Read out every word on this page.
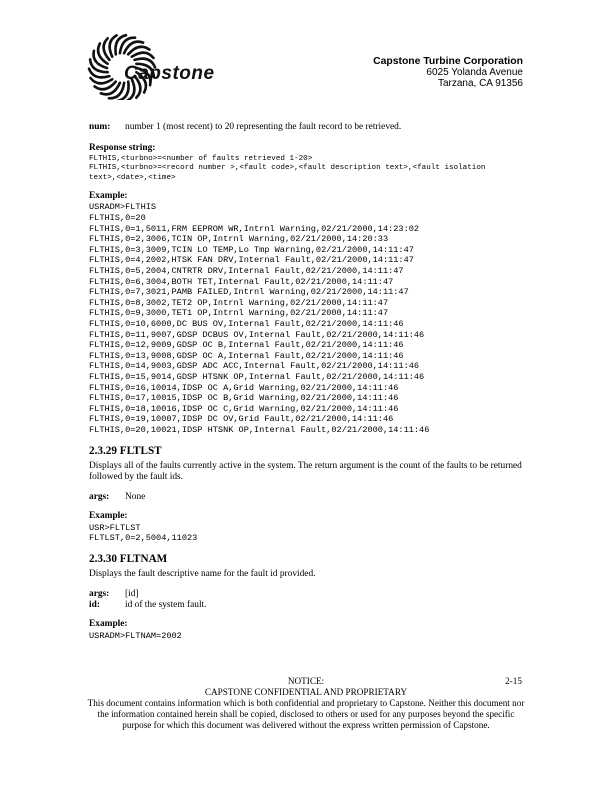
Capstone
Capstone Turbine Corporation
6025 Yolanda Avenue
Tarzana, CA 91356
num:	number 1 (most recent) to 20 representing the fault record to be retrieved.
Response string:
FLTHIS,<turbno>=<number of faults retrieved 1-20>
FLTHIS,<turbno>=<record number >,<fault code>,<fault description text>,<fault isolation
text>,<date>,<time>
Example:
USRADM>FLTHIS
FLTHIS,0=20
FLTHIS,0=1,5011,FRM EEPROM WR,Intrnl Warning,02/21/2000,14:23:02
FLTHIS,0=2,3006,TCIN OP,Intrnl Warning,02/21/2000,14:20:33
FLTHIS,0=3,3009,TCIN LO TEMP,Lo Tmp Warning,02/21/2000,14:11:47
FLTHIS,0=4,2002,HTSK FAN DRV,Internal Fault,02/21/2000,14:11:47
FLTHIS,0=5,2004,CNTRTR DRV,Internal Fault,02/21/2000,14:11:47
FLTHIS,0=6,3004,BOTH TET,Internal Fault,02/21/2000,14:11:47
FLTHIS,0=7,3021,PAMB FAILED,Intrnl Warning,02/21/2000,14:11:47
FLTHIS,0=8,3002,TET2 OP,Intrnl Warning,02/21/2000,14:11:47
FLTHIS,0=9,3000,TET1 OP,Intrnl Warning,02/21/2000,14:11:47
FLTHIS,0=10,6000,DC BUS OV,Internal Fault,02/21/2000,14:11:46
FLTHIS,0=11,9007,GDSP DCBUS OV,Internal Fault,02/21/2000,14:11:46
FLTHIS,0=12,9009,GDSP OC B,Internal Fault,02/21/2000,14:11:46
FLTHIS,0=13,9008,GDSP OC A,Internal Fault,02/21/2000,14:11:46
FLTHIS,0=14,9003,GDSP ADC ACC,Internal Fault,02/21/2000,14:11:46
FLTHIS,0=15,9014,GDSP HTSNK OP,Internal Fault,02/21/2000,14:11:46
FLTHIS,0=16,10014,IDSP OC A,Grid Warning,02/21/2000,14:11:46
FLTHIS,0=17,10015,IDSP OC B,Grid Warning,02/21/2000,14:11:46
FLTHIS,0=18,10016,IDSP OC C,Grid Warning,02/21/2000,14:11:46
FLTHIS,0=19,10007,IDSP DC OV,Grid Fault,02/21/2000,14:11:46
FLTHIS,0=20,10021,IDSP HTSNK OP,Internal Fault,02/21/2000,14:11:46
2.3.29 FLTLST

Displays all of the faults currently active in the system. The return argument is the count of the faults to be returned followed by the fault ids.

args:	None
Example:
USR>FLTLST
FLTLST,0=2,5004,11023
2.3.30 FLTNAM

Displays the fault descriptive name for the fault id provided.

args:	[id]
id:	id of the system fault.
Example:
USRADM>FLTNAM=2002
2-15
NOTICE:
CAPSTONE CONFIDENTIAL AND PROPRIETARY
This document contains information which is both confidential and proprietary to Capstone. Neither this document nor the information contained herein shall be copied, disclosed to others or used for any purposes beyond the specific purpose for which this document was delivered without the express written permission of Capstone.
